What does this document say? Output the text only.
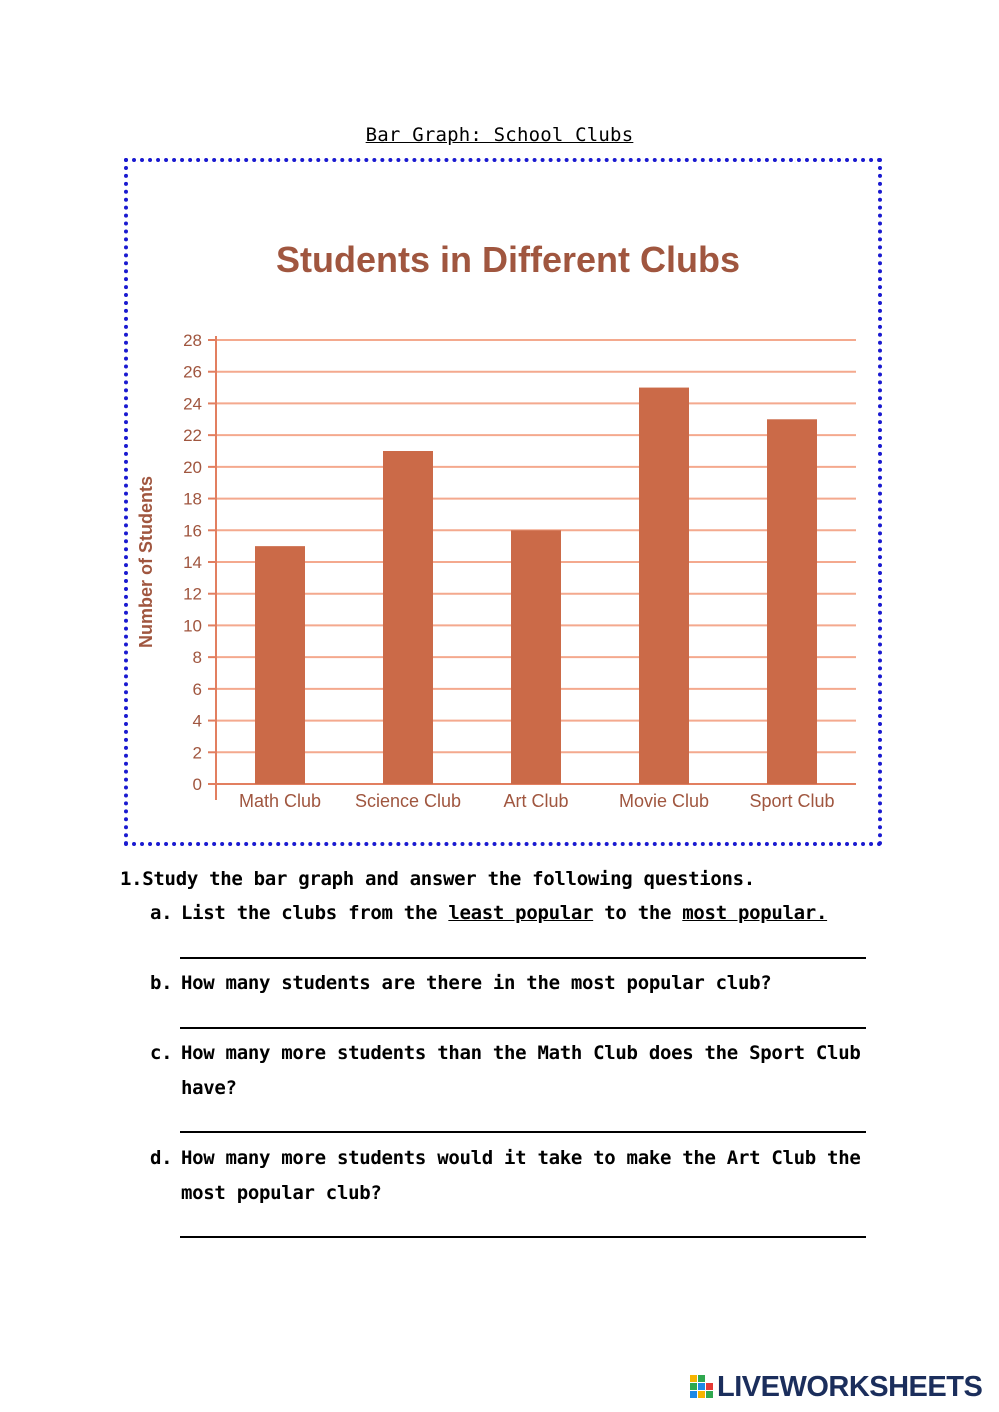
Bar Graph: School Clubs
Students in Different Clubs
0
2
4
6
8
10
12
14
16
18
20
22
24
26
28
Number of Students
Math Club Science Club Art Club	Movie Club Sport Club
1.Study the bar graph and answer the following questions.
a. List the clubs from the least popular to the most popular.
b. How many students are there in the most popular club?
c. How many more students than the Math Club does the Sport Club have?
d. How many more students would it take to make the Art Club the most popular club?
LIVEWORKSHEETS
